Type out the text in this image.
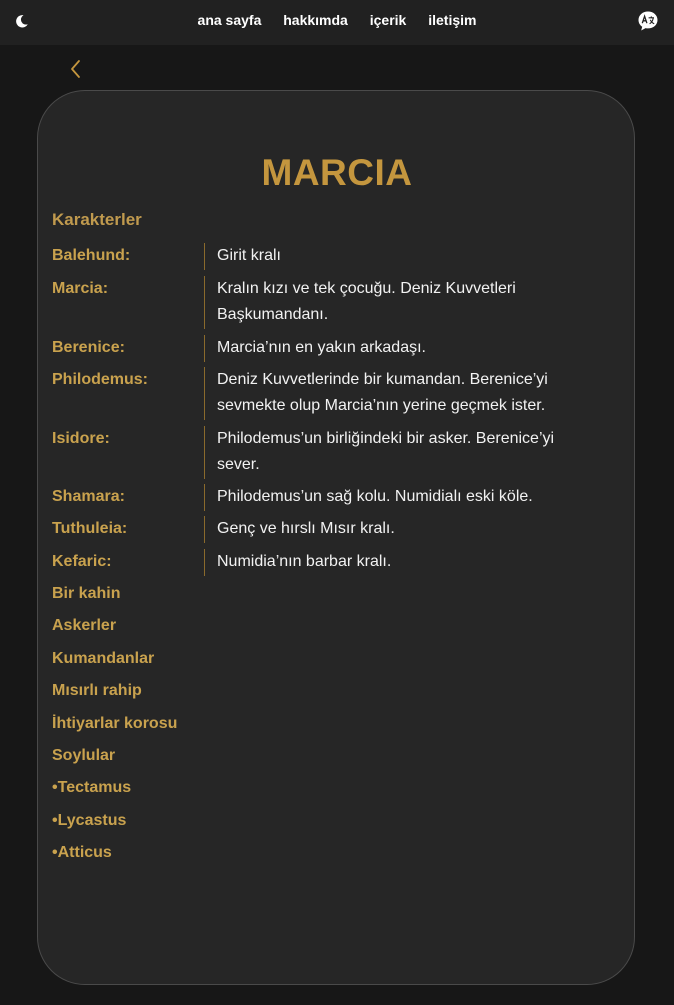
ana sayfa hakkımda içerik iletişim
MARCIA
Karakterler
Balehund:	Girit kralı
Marcia:	Kralın kızı ve tek çocuğu. Deniz Kuvvetleri Başkumandanı.
Berenice:	Marcia’nın en yakın arkadaşı.
Philodemus:	Deniz Kuvvetlerinde bir kumandan. Berenice’yi sevmekte olup Marcia’nın yerine geçmek ister.
Isidore:	Philodemus’un birliğindeki bir asker. Berenice’yi sever.
Shamara:	Philodemus’un sağ kolu. Numidialı eski köle.
Tuthuleia:	Genç ve hırslı Mısır kralı.
Kefaric:	Numidia’nın barbar kralı.
Bir kahin
Askerler
Kumandanlar
Mısırlı rahip
İhtiyarlar korosu
Soylular
•Tectamus
•Lycastus
•Atticus
